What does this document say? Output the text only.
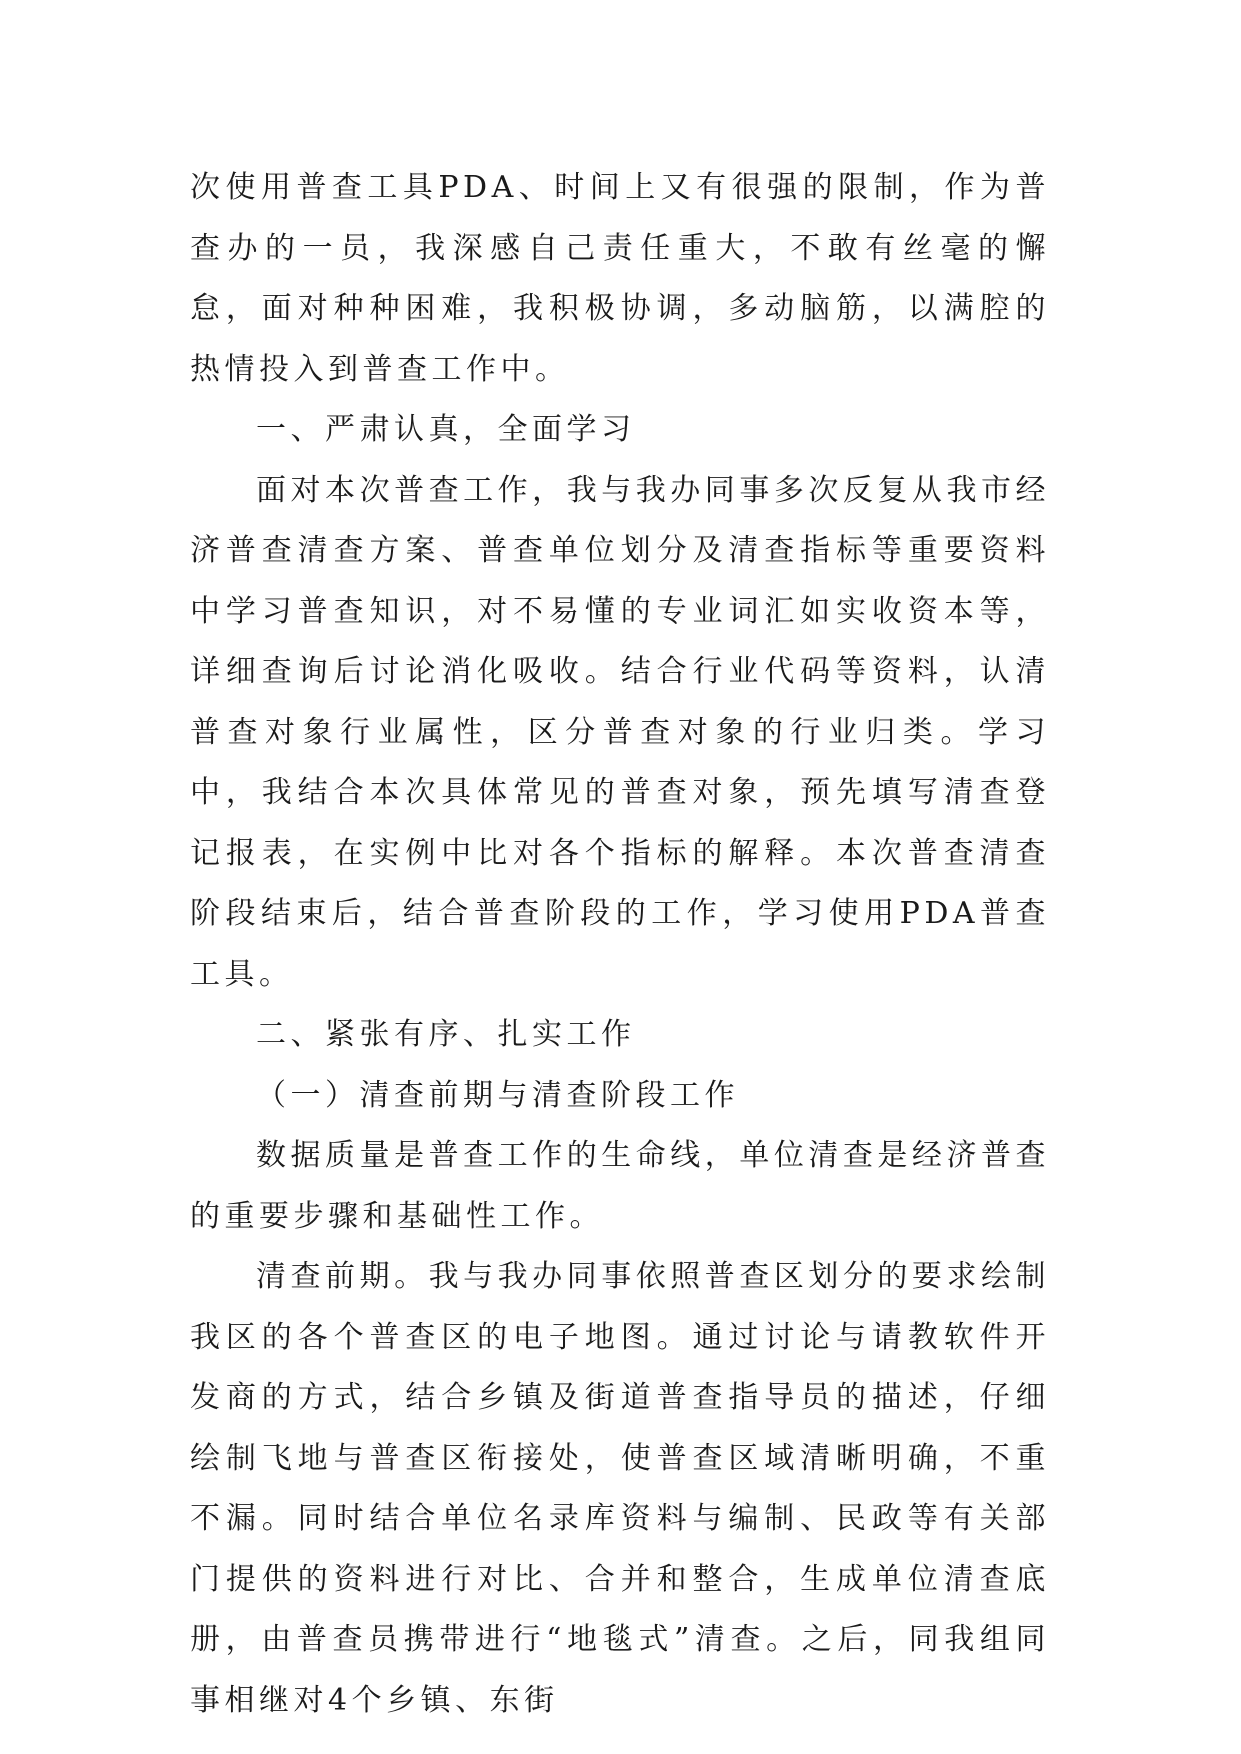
次使用普查工具PDA、时间上又有很强的限制，作为普查办的一员，我深感自己责任重大，不敢有丝毫的懈怠，面对种种困难，我积极协调，多动脑筋，以满腔的热情投入到普查工作中。

一、严肃认真，全面学习

面对本次普查工作，我与我办同事多次反复从我市经济普查清查方案、普查单位划分及清查指标等重要资料中学习普查知识，对不易懂的专业词汇如实收资本等，详细查询后讨论消化吸收。结合行业代码等资料，认清普查对象行业属性，区分普查对象的行业归类。学习中，我结合本次具体常见的普查对象，预先填写清查登记报表，在实例中比对各个指标的解释。本次普查清查阶段结束后，结合普查阶段的工作，学习使用PDA普查工具。

二、紧张有序、扎实工作

（一）清查前期与清查阶段工作

数据质量是普查工作的生命线，单位清查是经济普查的重要步骤和基础性工作。

清查前期。我与我办同事依照普查区划分的要求绘制我区的各个普查区的电子地图。通过讨论与请教软件开发商的方式，结合乡镇及街道普查指导员的描述，仔细绘制飞地与普查区衔接处，使普查区域清晰明确，不重不漏。同时结合单位名录库资料与编制、民政等有关部门提供的资料进行对比、合并和整合，生成单位清查底册，由普查员携带进行“地毯式”清查。之后，同我组同事相继对4个乡镇、东街
